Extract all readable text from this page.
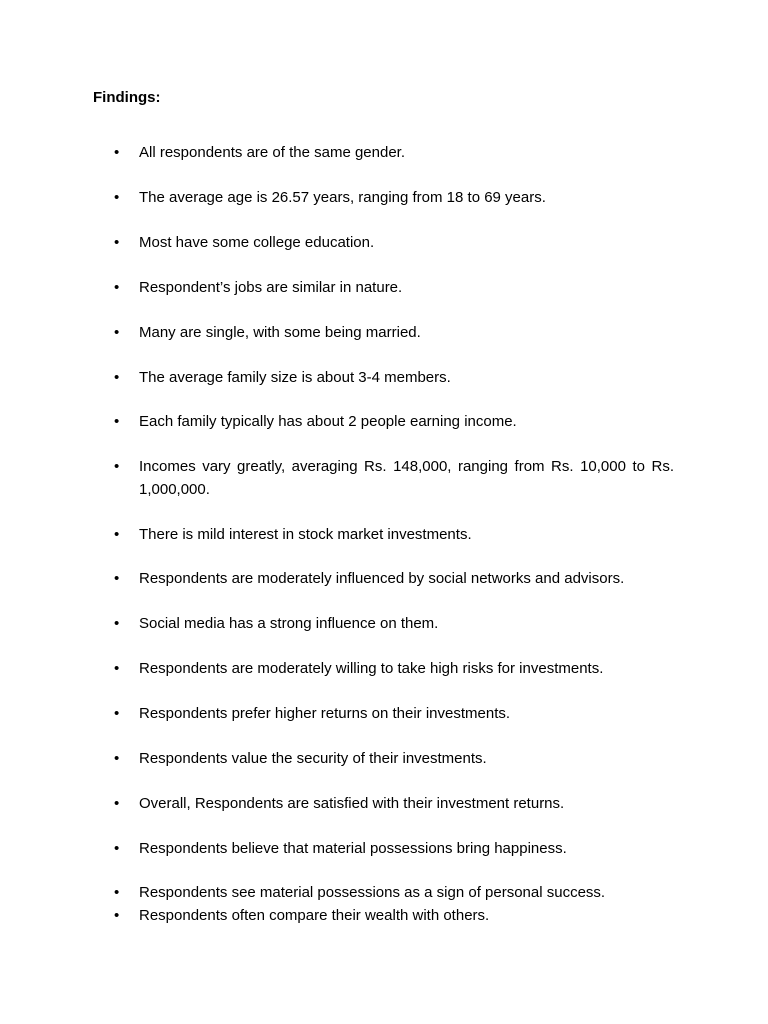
Findings:

•	All respondents are of the same gender.
•	The average age is 26.57 years, ranging from 18 to 69 years.
•	Most have some college education.
•	Respondent’s jobs are similar in nature.
•	Many are single, with some being married.
•	The average family size is about 3-4 members.
•	Each family typically has about 2 people earning income.
•	Incomes vary greatly, averaging Rs. 148,000, ranging from Rs. 10,000 to Rs. 1,000,000.
•	There is mild interest in stock market investments.
•	Respondents are moderately influenced by social networks and advisors.
•	Social media has a strong influence on them.
•	Respondents are moderately willing to take high risks for investments.
•	Respondents prefer higher returns on their investments.
•	Respondents value the security of their investments.
•	Overall, Respondents are satisfied with their investment returns.
•	Respondents believe that material possessions bring happiness.
•	Respondents see material possessions as a sign of personal success.
•	Respondents often compare their wealth with others.
